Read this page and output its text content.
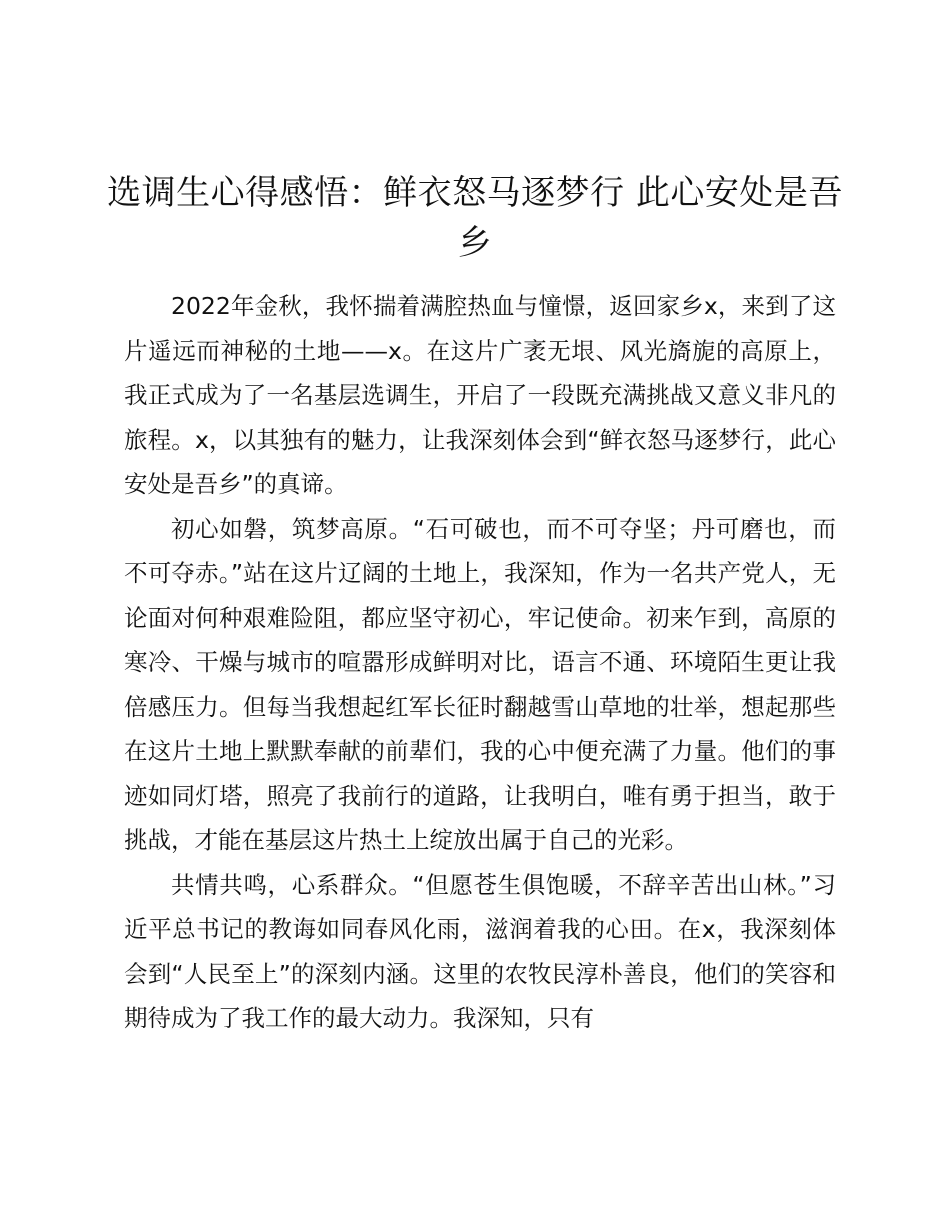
选调生心得感悟：鲜衣怒马逐梦行 此心安处是吾乡

2022年金秋，我怀揣着满腔热血与憧憬，返回家乡x，来到了这片遥远而神秘的土地——x。在这片广袤无垠、风光旖旎的高原上，我正式成为了一名基层选调生，开启了一段既充满挑战又意义非凡的旅程。x，以其独有的魅力，让我深刻体会到“鲜衣怒马逐梦行，此心安处是吾乡”的真谛。

初心如磐，筑梦高原。“石可破也，而不可夺坚；丹可磨也，而不可夺赤。”站在这片辽阔的土地上，我深知，作为一名共产党人，无论面对何种艰难险阻，都应坚守初心，牢记使命。初来乍到，高原的寒冷、干燥与城市的喧嚣形成鲜明对比，语言不通、环境陌生更让我倍感压力。但每当我想起红军长征时翻越雪山草地的壮举，想起那些在这片土地上默默奉献的前辈们，我的心中便充满了力量。他们的事迹如同灯塔，照亮了我前行的道路，让我明白，唯有勇于担当，敢于挑战，才能在基层这片热土上绽放出属于自己的光彩。

共情共鸣，心系群众。“但愿苍生俱饱暖，不辞辛苦出山林。”习近平总书记的教诲如同春风化雨，滋润着我的心田。在x，我深刻体会到“人民至上”的深刻内涵。这里的农牧民淳朴善良，他们的笑容和期待成为了我工作的最大动力。我深知，只有
